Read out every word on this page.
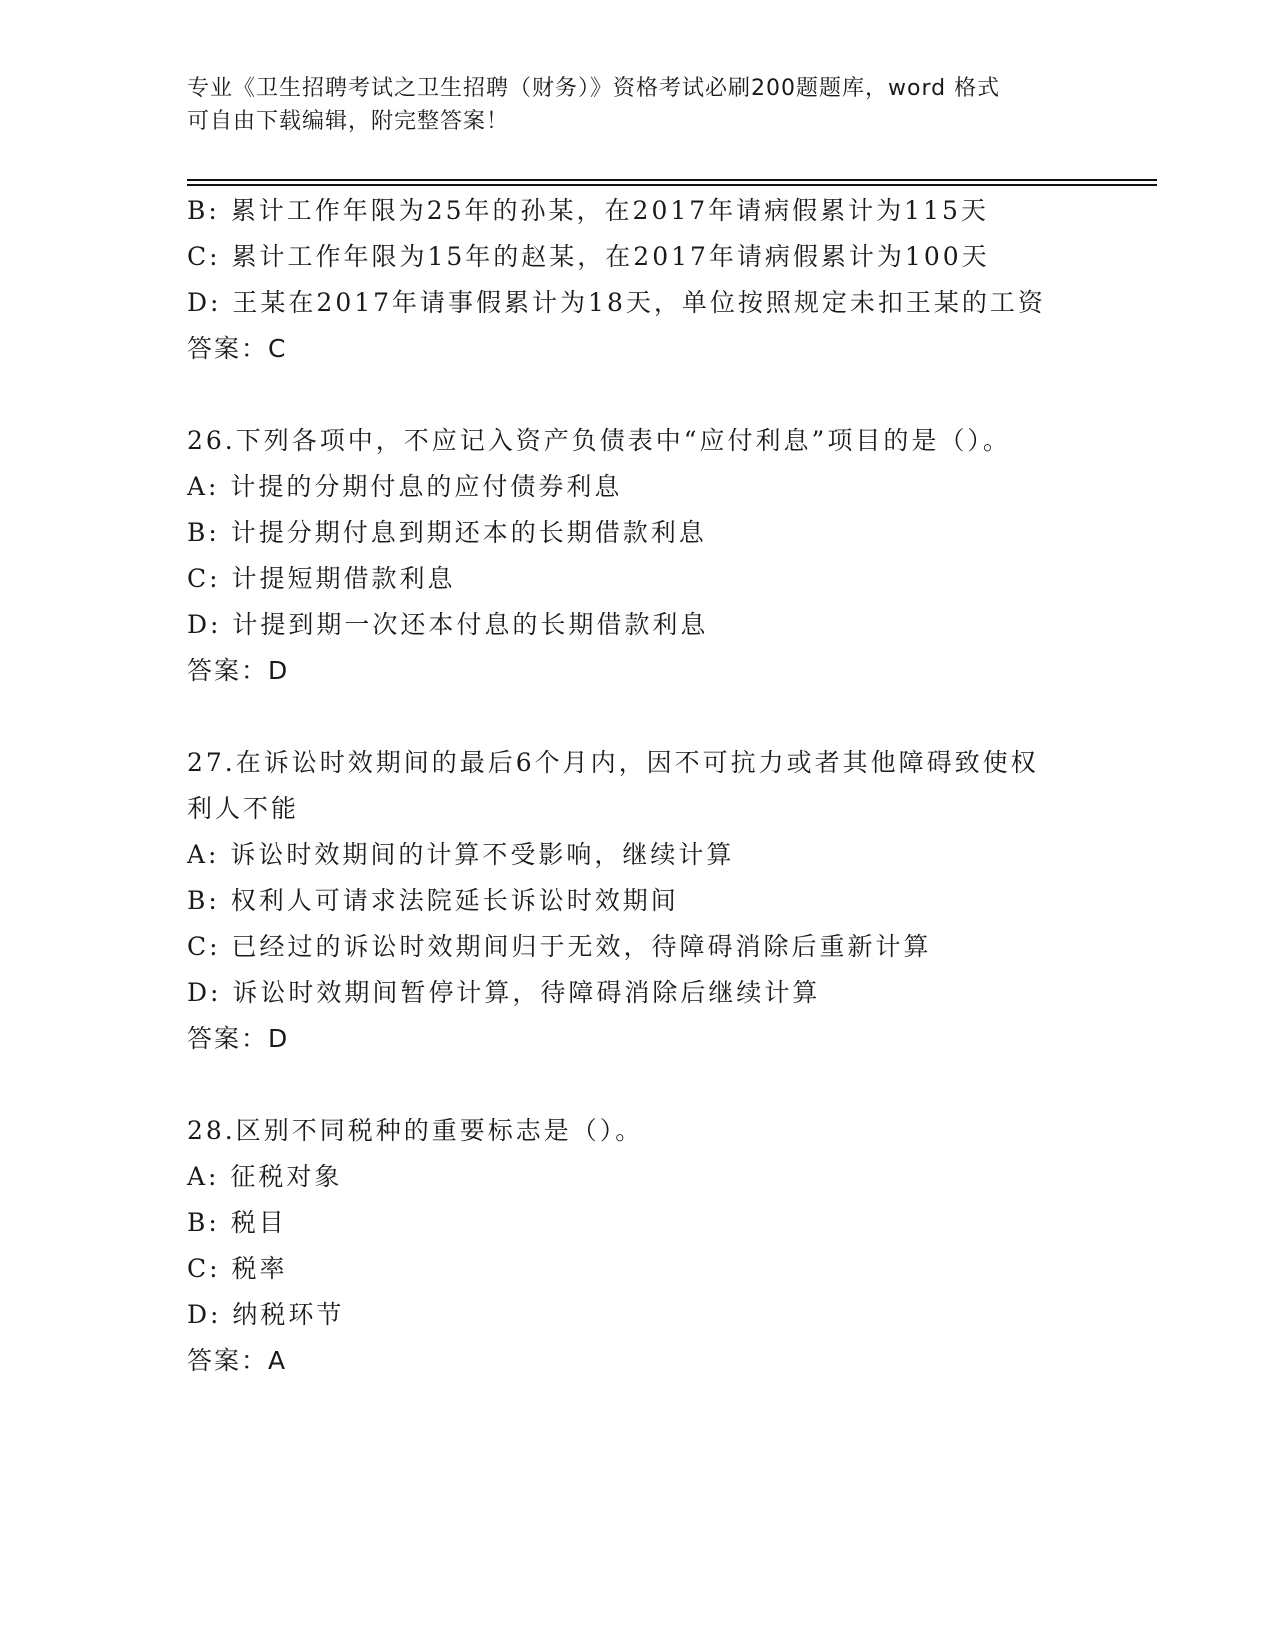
专业《卫生招聘考试之卫生招聘（财务）》资格考试必刷200题题库，word 格式

可自由下载编辑，附完整答案！

B: 累计工作年限为25年的孙某，在2017年请病假累计为115天

C: 累计工作年限为15年的赵某，在2017年请病假累计为100天

D: 王某在2017年请事假累计为18天，单位按照规定未扣王某的工资

答案：C

26.下列各项中，不应记入资产负债表中“应付利息”项目的是（）。

A: 计提的分期付息的应付债券利息

B: 计提分期付息到期还本的长期借款利息

C: 计提短期借款利息

D: 计提到期一次还本付息的长期借款利息

答案：D

27.在诉讼时效期间的最后6个月内，因不可抗力或者其他障碍致使权

利人不能

A: 诉讼时效期间的计算不受影响，继续计算

B: 权利人可请求法院延长诉讼时效期间

C: 已经过的诉讼时效期间归于无效，待障碍消除后重新计算

D: 诉讼时效期间暂停计算，待障碍消除后继续计算

答案：D

28.区别不同税种的重要标志是（）。

A: 征税对象

B: 税目

C: 税率

D: 纳税环节

答案：A
